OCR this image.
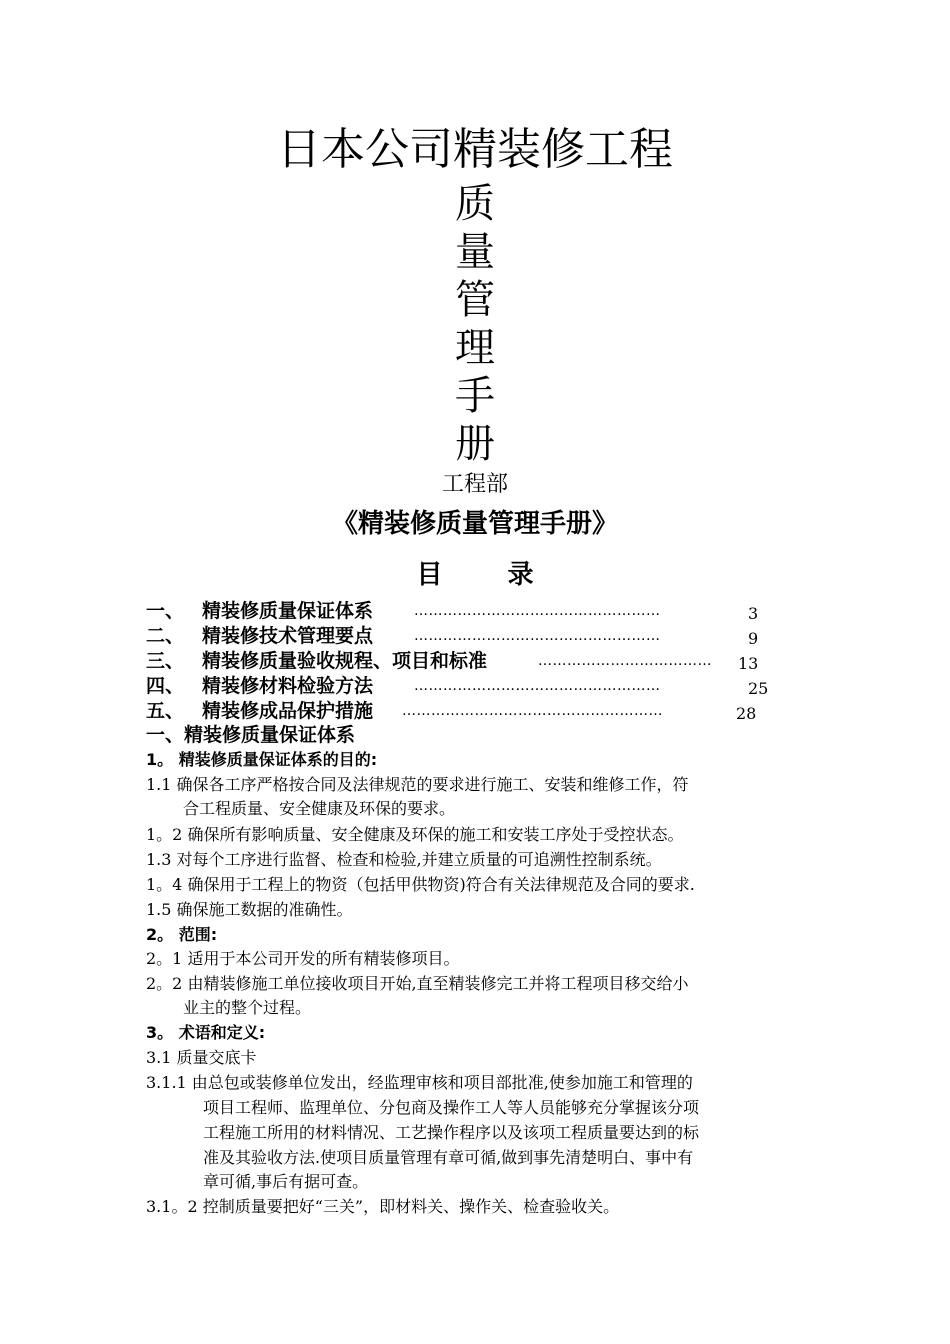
日本公司精装修工程
质
量
管
理
手
册
工程部
《精装修质量管理手册》
目 录
一、 精装修质量保证体系	……………………………………………	3
二、 精装修技术管理要点	……………………………………………	9
三、 精装修质量验收规程、项目和标准	……………………………… 13
四、 精装修材料检验方法	……………………………………………	25
五、 精装修成品保护措施 ………………………………………………	28
一、精装修质量保证体系
1。 精装修质量保证体系的目的:
1.1 确保各工序严格按合同及法律规范的要求进行施工、安装和维修工作，符
合工程质量、安全健康及环保的要求。
1。2 确保所有影响质量、安全健康及环保的施工和安装工序处于受控状态。
1.3 对每个工序进行监督、检查和检验,并建立质量的可追溯性控制系统。
1。4 确保用于工程上的物资（包括甲供物资)符合有关法律规范及合同的要求.
1.5 确保施工数据的准确性。
2。 范围:
2。1 适用于本公司开发的所有精装修项目。
2。2 由精装修施工单位接收项目开始,直至精装修完工并将工程项目移交给小
业主的整个过程。
3。 术语和定义:
3.1 质量交底卡
3.1.1 由总包或装修单位发出，经监理审核和项目部批准,使参加施工和管理的
项目工程师、监理单位、分包商及操作工人等人员能够充分掌握该分项
工程施工所用的材料情况、工艺操作程序以及该项工程质量要达到的标
准及其验收方法.使项目质量管理有章可循,做到事先清楚明白、事中有
章可循,事后有据可查。
3.1。2 控制质量要把好“三关”，即材料关、操作关、检查验收关。
